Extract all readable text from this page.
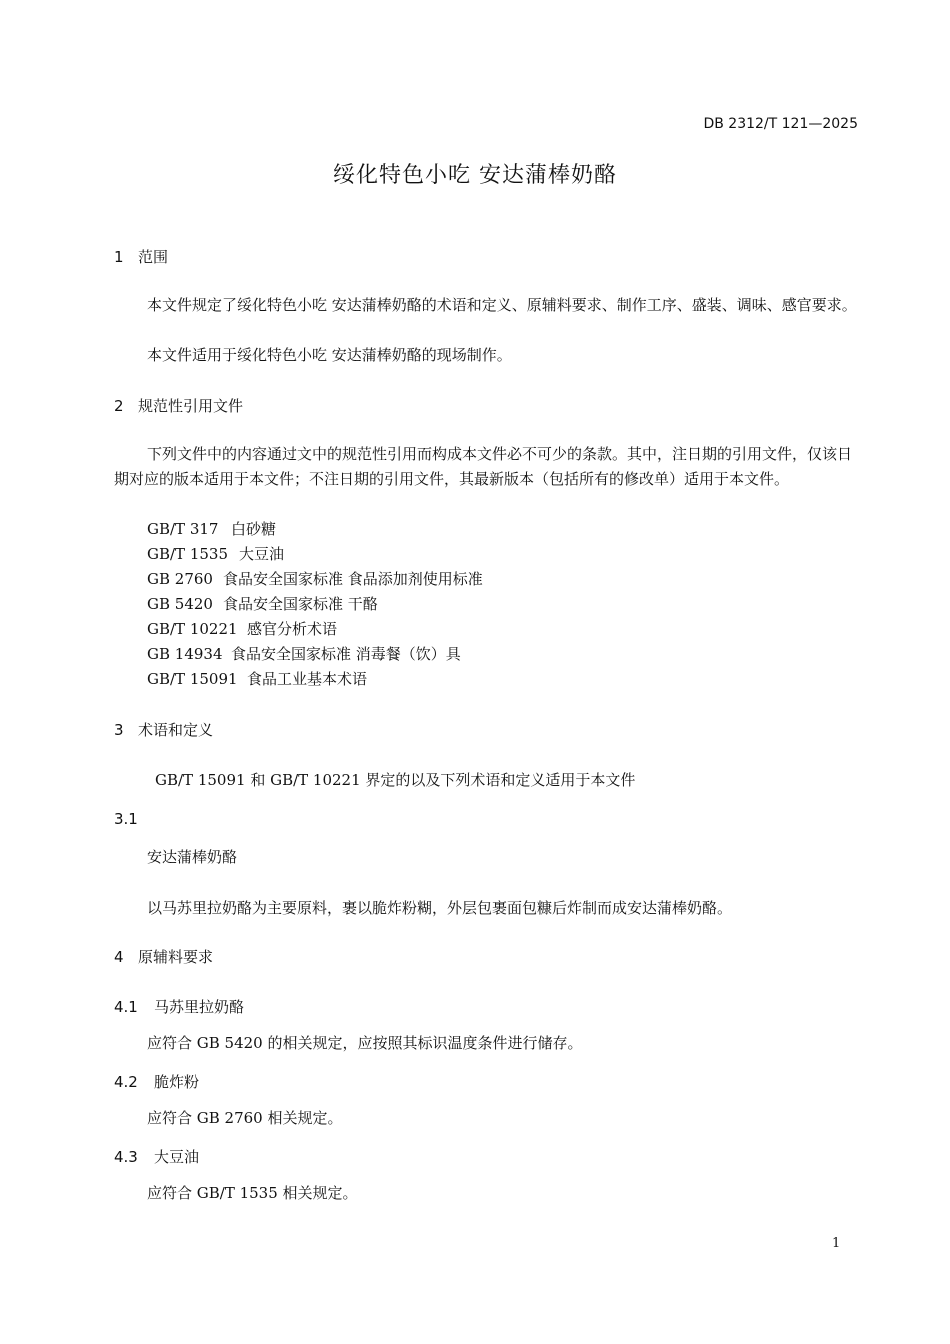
DB 2312/T 121—2025
绥化特色小吃 安达蒲棒奶酪
1 范围
本文件规定了绥化特色小吃 安达蒲棒奶酪的术语和定义、原辅料要求、制作工序、盛装、调味、感官要求。
本文件适用于绥化特色小吃 安达蒲棒奶酪的现场制作。
2 规范性引用文件
下列文件中的内容通过文中的规范性引用而构成本文件必不可少的条款。其中，注日期的引用文件，仅该日期对应的版本适用于本文件；不注日期的引用文件，其最新版本（包括所有的修改单）适用于本文件。
GB/T 317 白砂糖
GB/T 1535 大豆油
GB 2760 食品安全国家标准 食品添加剂使用标准
GB 5420 食品安全国家标准 干酪
GB/T 10221 感官分析术语
GB 14934 食品安全国家标准 消毒餐（饮）具
GB/T 15091 食品工业基本术语
3 术语和定义
GB/T 15091 和 GB/T 10221 界定的以及下列术语和定义适用于本文件
3.1
安达蒲棒奶酪
以马苏里拉奶酪为主要原料，裹以脆炸粉糊，外层包裹面包糠后炸制而成安达蒲棒奶酪。
4 原辅料要求
4.1 马苏里拉奶酪
应符合 GB 5420 的相关规定，应按照其标识温度条件进行储存。
4.2 脆炸粉
应符合 GB 2760 相关规定。
4.3 大豆油
应符合 GB/T 1535 相关规定。
1
